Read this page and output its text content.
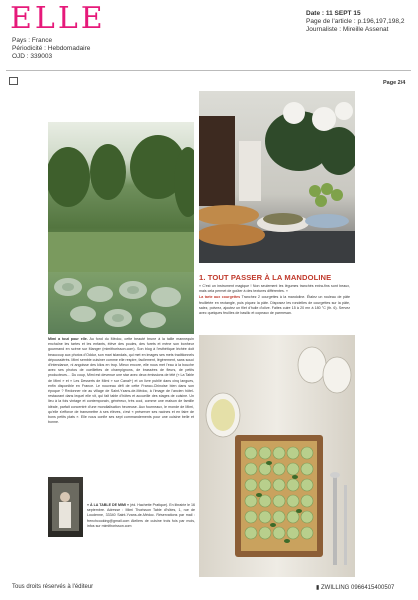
ELLE
Pays : France
Périodicité : Hebdomadaire
OJD : 339003
Date : 11 SEPT 15
Page de l'article : p.196,197,198,2
Journaliste : Mireille Assenat
Page 2/4
1. TOUT PASSER À LA MANDOLINE
« C'est un instrument magique ! Non seulement les légumes tranchés extra-fins sont beaux, mais cela permet de goûter à des textures différentes. »
La tarte aux courgettes Tranchez 2 courgettes à la mandoline. Étalez un rouleau de pâte feuilletée en rectangle, puis piquez la pâte. Disposez les rondelles de courgettes sur la pâte, salez, poivrez, ajoutez un filet d'huile d'olive. Faites cuire 15 à 20 mn à 180 °C (th. 6). Servez avec quelques feuilles de basilic et copeaux de parmesan.
Mimi a tout pour elle. Au fond du Médoc, cette beauté brune à la taille mannequin enchaîne les tartes et les enfants, élève des poules, des furets et mène son bonheur gourmand en scène sur Manger (mimithorisson.com). Son blog à l'esthétique léchée doit beaucoup aux photos d'Oddur, son mari islandais, qui met en images ses mets traditionnels dépoussiérés. Mimi semble cuisiner comme elle respire, facilement, légèrement, sans souci d'intendance, ni angoisse des kilos en trop. Mieux encore, elle nous met l'eau à la bouche avec ses photos de cueillettes de champignons, de brassées de fleurs, de petits producteurs… Du coup, Mimi est devenue une star avec deux émissions de télé (« La Table de Mimi » et « Les Desserts de Mimi » sur Canal+) et un livre publié dans cinq langues, enfin disponible en France. Le nouveau défi de cette Franco-Chinoise bien dans son époque ? Redonner vie au village de Saint-Yzans-de-Médoc, à l'image de l'ancien hôtel-restaurant dans lequel elle vit, qui fait table d'hôtes et accueille des stages de cuisine. Un lieu à la fois vintage et contemporain, généreux, très cool, comme une maison de famille idéale, parfait concentré d'une mondialisation heureuse. Aux fourneaux, le monde de Mimi, qu'elle s'efforce de transmettre à ses élèves, c'est « préserver ses racines et en faire de bons petits plats ». Elle nous confie ses sept commandements pour une cuisine belle et bonne.
« À LA TABLE DE MIMI » (éd. Hachette Pratique). En librairie le 16 septembre. Adresse : Mimi Thorisson Table d'hôtes, 1, rue de Loudenne, 33340 Saint-Yzans-de-Médoc. Réservations par mail : frenchcooking@gmail.com Ateliers de cuisine trois fois par mois, infos sur mimithorisson.com
Tous droits réservés à l'éditeur	▮ ZWILLING 0966415400507
